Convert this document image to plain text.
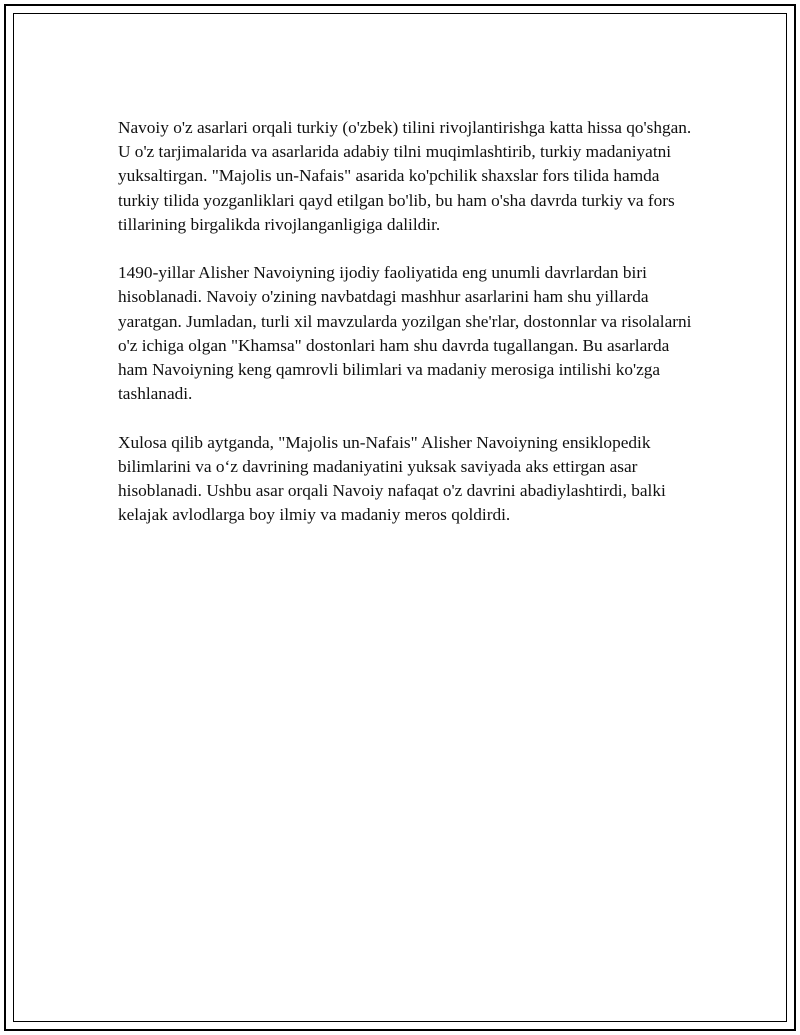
Navoiy o'z asarlari orqali turkiy (o'zbek) tilini rivojlantirishga katta hissa qo'shgan. U o'z tarjimalarida va asarlarida adabiy tilni muqimlashtirib, turkiy madaniyatni yuksaltirgan. "Majolis un-Nafais" asarida ko'pchilik shaxslar fors tilida hamda turkiy tilida yozganliklari qayd etilgan bo'lib, bu ham o'sha davrda turkiy va fors tillarining birgalikda rivojlanganligiga dalildir.

1490-yillar Alisher Navoiyning ijodiy faoliyatida eng unumli davrlardan biri hisoblanadi. Navoiy o'zining navbatdagi mashhur asarlarini ham shu yillarda yaratgan. Jumladan, turli xil mavzularda yozilgan she'rlar, dostonnlar va risolalarni o'z ichiga olgan "Khamsa" dostonlari ham shu davrda tugallangan. Bu asarlarda ham Navoiyning keng qamrovli bilimlari va madaniy merosiga intilishi ko'zga tashlanadi.

Xulosa qilib aytganda, "Majolis un-Nafais" Alisher Navoiyning ensiklopedik bilimlarini va o‘z davrining madaniyatini yuksak saviyada aks ettirgan asar hisoblanadi. Ushbu asar orqali Navoiy nafaqat o'z davrini abadiylashtirdi, balki kelajak avlodlarga boy ilmiy va madaniy meros qoldirdi.
